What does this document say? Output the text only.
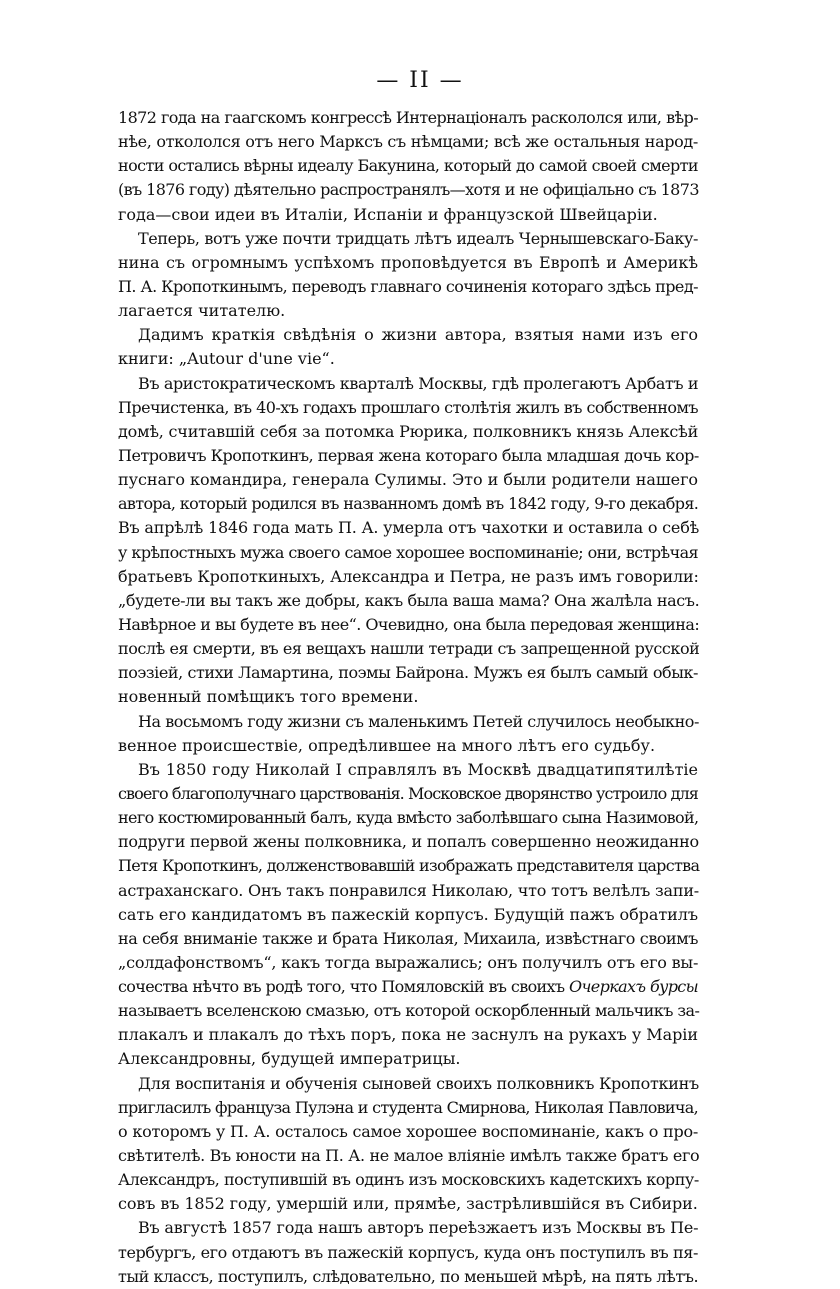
— II —
1872 года на гаагскомъ конгрессѣ Интернаціоналъ раскололся или, вѣр-
нѣе, откололся отъ него Марксъ съ нѣмцами; всѣ же остальныя народ-
ности остались вѣрны идеалу Бакунина, который до самой своей смерти
(въ 1876 году) дѣятельно распространялъ—хотя и не офиціально съ 1873
года—свои идеи въ Италіи, Испаніи и французской Швейцаріи.
Теперь, вотъ уже почти тридцать лѣтъ идеалъ Чернышевскаго-Баку-
нина съ огромнымъ успѣхомъ проповѣдуется въ Европѣ и Америкѣ
П. А. Кропоткинымъ, переводъ главнаго сочиненія котораго здѣсь пред-
лагается читателю.
Дадимъ краткія свѣдѣнія о жизни автора, взятыя нами изъ его
книги: „Autour d'une vie“.
Въ аристократическомъ кварталѣ Москвы, гдѣ пролегаютъ Арбатъ и
Пречистенка, въ 40-хъ годахъ прошлаго столѣтія жилъ въ собственномъ
домѣ, считавшій себя за потомка Рюрика, полковникъ князь Алексѣй
Петровичъ Кропоткинъ, первая жена котораго была младшая дочь кор-
пуснаго командира, генерала Сулимы. Это и были родители нашего
автора, который родился въ названномъ домѣ въ 1842 году, 9-го декабря.
Въ апрѣлѣ 1846 года мать П. А. умерла отъ чахотки и оставила о себѣ
у крѣпостныхъ мужа своего самое хорошее воспоминаніе; они, встрѣчая
братьевъ Кропоткиныхъ, Александра и Петра, не разъ имъ говорили:
„будете-ли вы такъ же добры, какъ была ваша мама? Она жалѣла насъ.
Навѣрное и вы будете въ нее“. Очевидно, она была передовая женщина:
послѣ ея смерти, въ ея вещахъ нашли тетради съ запрещенной русской
поэзіей, стихи Ламартина, поэмы Байрона. Мужъ ея былъ самый обык-
новенный помѣщикъ того времени.
На восьмомъ году жизни съ маленькимъ Петей случилось необыкно-
венное происшествіе, опредѣлившее на много лѣтъ его судьбу.
Въ 1850 году Николай I справлялъ въ Москвѣ двадцатипятилѣтіе
своего благополучнаго царствованія. Московское дворянство устроило для
него костюмированный балъ, куда вмѣсто заболѣвшаго сына Назимовой,
подруги первой жены полковника, и попалъ совершенно неожиданно
Петя Кропоткинъ, долженствовавшій изображать представителя царства
астраханскаго. Онъ такъ понравился Николаю, что тотъ велѣлъ запи-
сать его кандидатомъ въ пажескій корпусъ. Будущій пажъ обратилъ
на себя вниманіе также и брата Николая, Михаила, извѣстнаго своимъ
„солдафонствомъ“, какъ тогда выражались; онъ получилъ отъ его вы-
сочества нѣчто въ родѣ того, что Помяловскій въ своихъ Очеркахъ бурсы
называетъ вселенскою смазью, отъ которой оскорбленный мальчикъ за-
плакалъ и плакалъ до тѣхъ поръ, пока не заснулъ на рукахъ у Маріи
Александровны, будущей императрицы.
Для воспитанія и обученія сыновей своихъ полковникъ Кропоткинъ
пригласилъ француза Пулэна и студента Смирнова, Николая Павловича,
о которомъ у П. А. осталось самое хорошее воспоминаніе, какъ о про-
свѣтителѣ. Въ юности на П. А. не малое вліяніе имѣлъ также братъ его
Александръ, поступившій въ одинъ изъ московскихъ кадетскихъ корпу-
совъ въ 1852 году, умершій или, прямѣе, застрѣлившійся въ Сибири.
Въ августѣ 1857 года нашъ авторъ переѣзжаетъ изъ Москвы въ Пе-
тербургъ, его отдаютъ въ пажескій корпусъ, куда онъ поступилъ въ пя-
тый классъ, поступилъ, слѣдовательно, по меньшей мѣрѣ, на пять лѣтъ.
